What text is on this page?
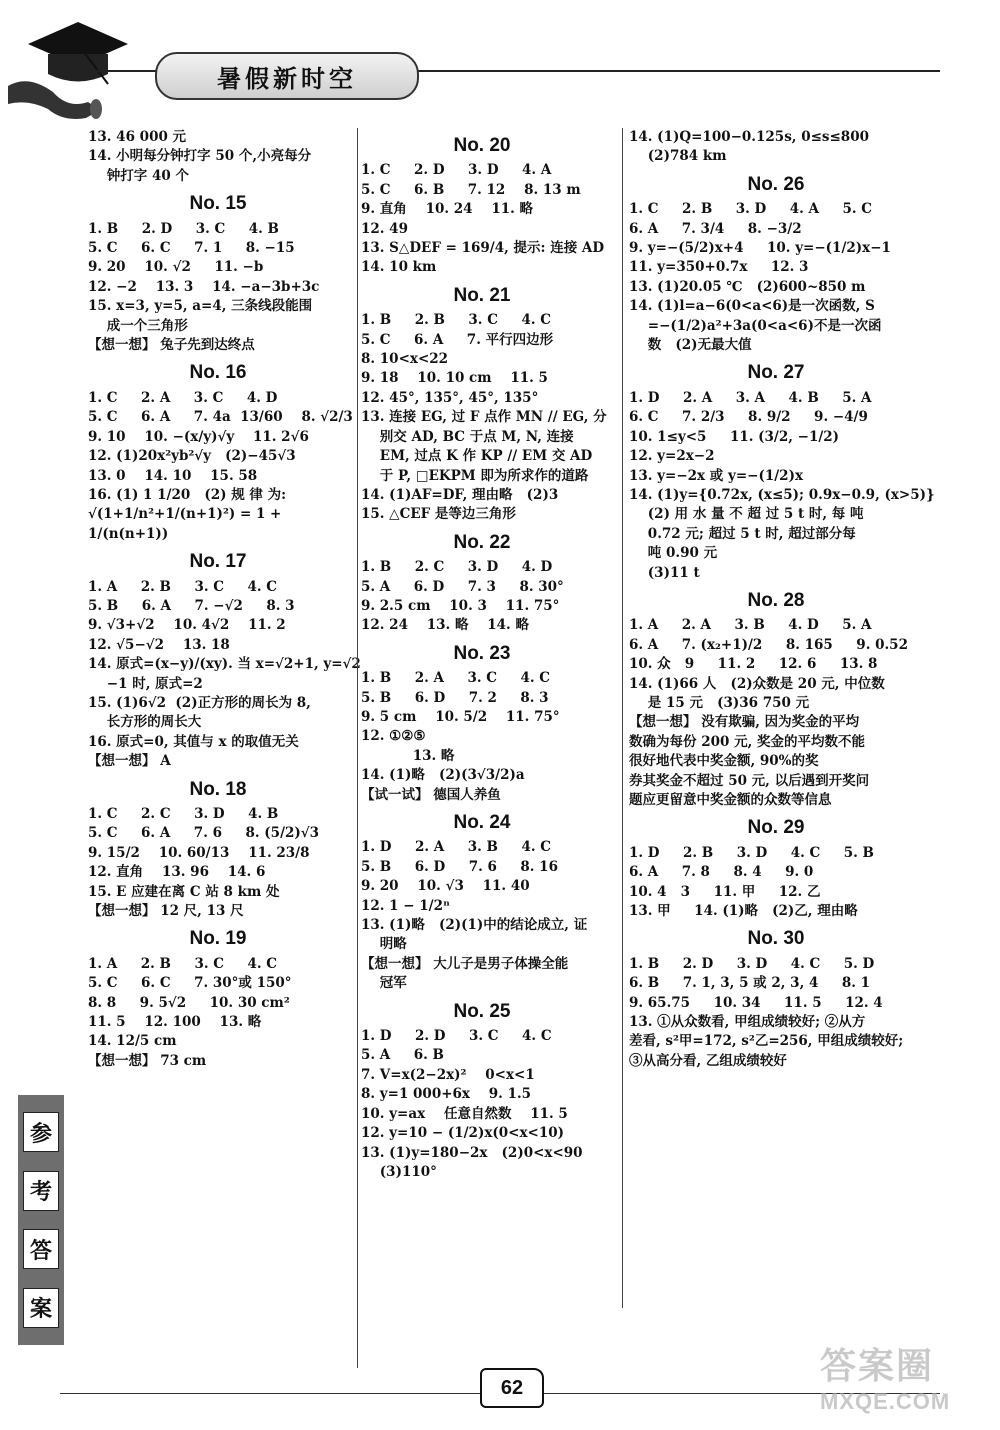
暑假新时空
13. 46 000 元
14. 小明每分钟打字 50 个,小亮每分
钟打字 40 个
No. 15
1. B     2. D     3. C     4. B
5. C     6. C     7. 1     8. −15
9. 20    10. √2     11. −b
12. −2    13. 3    14. −a−3b+3c
15. x=3, y=5, a=4, 三条线段能围
成一个三角形
【想一想】 兔子先到达终点
No. 16
1. C     2. A     3. C     4. D
5. C     6. A     7. 4a  13/60    8. √2/3
9. 10    10. −(x/y)√y    11. 2√6
12. (1)20x²yb²√y   (2)−45√3
13. 0    14. 10    15. 58
16. (1) 1 1/20   (2) 规 律 为:
√(1+1/n²+1/(n+1)²) = 1 +
1/(n(n+1))
No. 17
1. A     2. B     3. C     4. C
5. B     6. A     7. −√2     8. 3
9. √3+√2    10. 4√2    11. 2
12. √5−√2    13. 18
14. 原式=(x−y)/(xy). 当 x=√2+1, y=√2
−1 时, 原式=2
15. (1)6√2  (2)正方形的周长为 8,
长方形的周长大
16. 原式=0, 其值与 x 的取值无关
【想一想】 A
No. 18
1. C     2. C     3. D     4. B
5. C     6. A     7. 6     8. (5/2)√3
9. 15/2    10. 60/13    11. 23/8
12. 直角    13. 96    14. 6
15. E 应建在离 C 站 8 km 处
【想一想】 12 尺, 13 尺
No. 19
1. A     2. B     3. C     4. C
5. C     6. C     7. 30°或 150°
8. 8     9. 5√2     10. 30 cm²
11. 5    12. 100    13. 略
14. 12/5 cm
【想一想】 73 cm
No. 20
1. C     2. D     3. D     4. A
5. C     6. B     7. 12    8. 13 m
9. 直角    10. 24    11. 略
12. 49
13. S△DEF = 169/4, 提示: 连接 AD
14. 10 km
No. 21
1. B     2. B     3. C     4. C
5. C     6. A     7. 平行四边形
8. 10<x<22
9. 18    10. 10 cm    11. 5
12. 45°, 135°, 45°, 135°
13. 连接 EG, 过 F 点作 MN // EG, 分
别交 AD, BC 于点 M, N, 连接
EM, 过点 K 作 KP // EM 交 AD
于 P, □EKPM 即为所求作的道路
14. (1)AF=DF, 理由略   (2)3
15. △CEF 是等边三角形
No. 22
1. B     2. C     3. D     4. D
5. A     6. D     7. 3     8. 30°
9. 2.5 cm    10. 3    11. 75°
12. 24    13. 略    14. 略
No. 23
1. B     2. A     3. C     4. C
5. B     6. D     7. 2     8. 3
9. 5 cm    10. 5/2    11. 75°
12. ①②⑤
13. 略
14. (1)略   (2)(3√3/2)a
【试一试】 德国人养鱼
No. 24
1. D     2. A     3. B     4. C
5. B     6. D     7. 6     8. 16
9. 20    10. √3    11. 40
12. 1 − 1/2ⁿ
13. (1)略   (2)(1)中的结论成立, 证
明略
【想一想】 大儿子是男子体操全能
冠军
No. 25
1. D     2. D     3. C     4. C
5. A     6. B
7. V=x(2−2x)²    0<x<1
8. y=1 000+6x    9. 1.5
10. y=ax    任意自然数    11. 5
12. y=10 − (1/2)x(0<x<10)
13. (1)y=180−2x   (2)0<x<90
(3)110°
14. (1)Q=100−0.125s, 0≤s≤800
(2)784 km
No. 26
1. C     2. B     3. D     4. A     5. C
6. A     7. 3/4     8. −3/2
9. y=−(5/2)x+4     10. y=−(1/2)x−1
11. y=350+0.7x     12. 3
13. (1)20.05 ℃   (2)600~850 m
14. (1)l=a−6(0<a<6)是一次函数, S
=−(1/2)a²+3a(0<a<6)不是一次函
数   (2)无最大值
No. 27
1. D     2. A     3. A     4. B     5. A
6. C     7. 2/3     8. 9/2     9. −4/9
10. 1≤y<5     11. (3/2, −1/2)
12. y=2x−2
13. y=−2x 或 y=−(1/2)x
14. (1)y={0.72x, (x≤5); 0.9x−0.9, (x>5)}
(2) 用 水 量 不 超 过 5 t 时, 每 吨
0.72 元; 超过 5 t 时, 超过部分每
吨 0.90 元
(3)11 t
No. 28
1. A     2. A     3. B     4. D     5. A
6. A     7. (x₂+1)/2     8. 165     9. 0.52
10. 众   9     11. 2     12. 6     13. 8
14. (1)66 人   (2)众数是 20 元, 中位数
是 15 元   (3)36 750 元
【想一想】 没有欺骗, 因为奖金的平均
数确为每份 200 元, 奖金的平均数不能
很好地代表中奖金额, 90%的奖
券其奖金不超过 50 元, 以后遇到开奖问
题应更留意中奖金额的众数等信息
No. 29
1. D     2. B     3. D     4. C     5. B
6. A     7. 8     8. 4     9. 0
10. 4   3     11. 甲     12. 乙
13. 甲     14. (1)略   (2)乙, 理由略
No. 30
1. B     2. D     3. D     4. C     5. D
6. B     7. 1, 3, 5 或 2, 3, 4     8. 1
9. 65.75     10. 34     11. 5     12. 4
13. ①从众数看, 甲组成绩较好; ②从方
差看, s²甲=172, s²乙=256, 甲组成绩较好;
③从高分看, 乙组成绩较好
参
考
答
案
62
答案圈
MXQE.COM
